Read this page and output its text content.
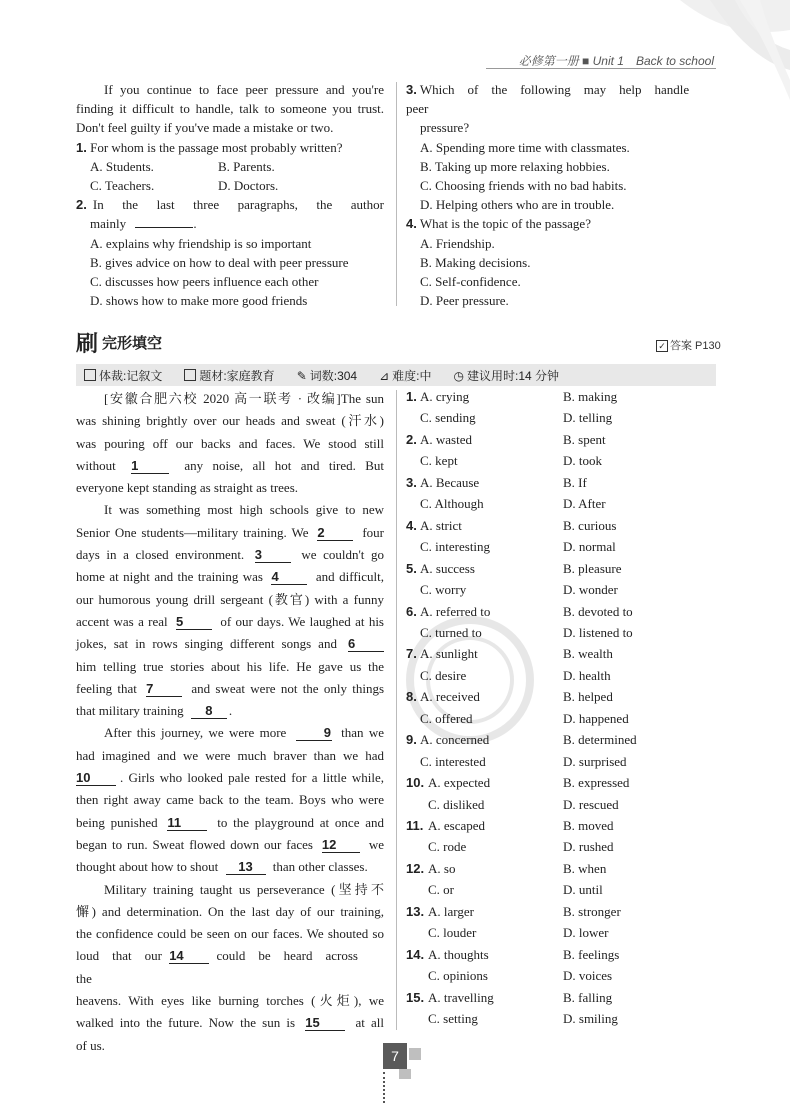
必修第一册 ■ Unit 1　Back to school
If you continue to face peer pressure and you're
finding it difficult to handle, talk to someone you trust.
Don't feel guilty if you've made a mistake or two.
1. For whom is the passage most probably written?
A. Students.	B. Parents.
C. Teachers.	D. Doctors.
2. In　the　last　three　paragraphs,　the　author
mainly	.
A. explains why friendship is so important
B. gives advice on how to deal with peer pressure
C. discusses how peers influence each other
D. shows how to make more good friends
3. Which　of　the　following　may　help　handle　peer
pressure?
A. Spending more time with classmates.
B. Taking up more relaxing hobbies.
C. Choosing friends with no bad habits.
D. Helping others who are in trouble.
4. What is the topic of the passage?
A. Friendship.
B. Making decisions.
C. Self-confidence.
D. Peer pressure.
刷 完形填空	✓ 答案 P130
体裁:记叙文	题材:家庭教育 ✎ 词数:304 ⊿ 难度:中 ◷ 建议用时:14 分钟
[安徽合肥六校 2020 高一联考 · 改编]The sun
was shining brightly over our heads and sweat (汗水)
was pouring off our backs and faces. We stood still
without 1	any noise, all hot and tired. But
everyone kept standing as straight as trees.
It was something most high schools give to new
Senior One students—military training. We 2	four
days in a closed environment. 3	we couldn't go
home at night and the training was 4	and difficult,
our humorous young drill sergeant (教官) with a funny
accent was a real 5	of our days. We laughed at his
jokes, sat in rows singing different songs and 6
him telling true stories about his life. He gave us the
feeling that 7	and sweat were not the only things
that military training 8 .
After this journey, we were more	9 than we
had imagined and we were much braver than we had
10 . Girls who looked pale rested for a little while,
then right away came back to the team. Boys who were
being punished 11	to the playground at once and
began to run. Sweat flowed down our faces 12 we
thought about how to shout 13 than other classes.
Military training taught us perseverance (坚持不
懈) and determination. On the last day of our training,
the confidence could be seen on our faces. We shouted so
loud　that　our 14	could　be　heard　across　the
heavens. With eyes like burning torches (火炬), we
walked into the future. Now the sun is 15	at all
of us.
1. A. crying	B. making
C. sending	D. telling
2. A. wasted	B. spent
C. kept	D. took
3. A. Because	B. If
C. Although	D. After
4. A. strict	B. curious
C. interesting	D. normal
5. A. success	B. pleasure
C. worry	D. wonder
6. A. referred to	B. devoted to
C. turned to	D. listened to
7. A. sunlight	B. wealth
C. desire	D. health
8. A. received	B. helped
C. offered	D. happened
9. A. concerned	B. determined
C. interested	D. surprised
10. A. expected	B. expressed
C. disliked	D. rescued
11. A. escaped	B. moved
C. rode	D. rushed
12. A. so	B. when
C. or	D. until
13. A. larger	B. stronger
C. louder	D. lower
14. A. thoughts	B. feelings
C. opinions	D. voices
15. A. travelling	B. falling
C. setting	D. smiling
7
